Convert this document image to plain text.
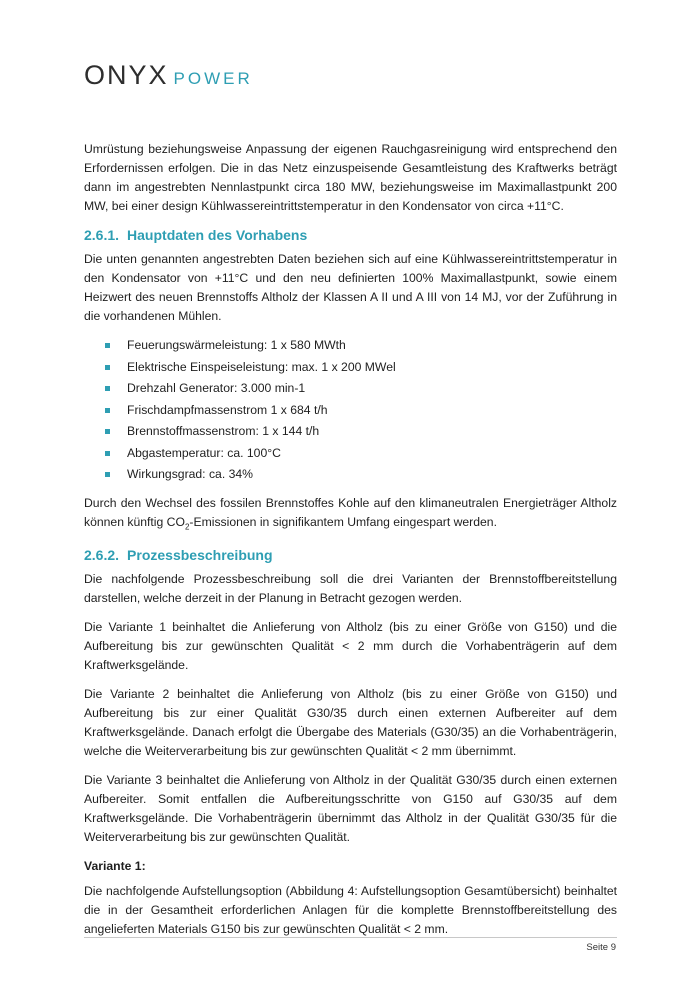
ONYX POWER

Umrüstung beziehungsweise Anpassung der eigenen Rauchgasreinigung wird entsprechend den Erfordernissen erfolgen. Die in das Netz einzuspeisende Gesamtleistung des Kraftwerks beträgt dann im angestrebten Nennlastpunkt circa 180 MW, beziehungsweise im Maximallastpunkt 200 MW, bei einer design Kühlwassereintrittstemperatur in den Kondensator von circa +11°C.

2.6.1. Hauptdaten des Vorhabens

Die unten genannten angestrebten Daten beziehen sich auf eine Kühlwassereintrittstemperatur in den Kondensator von +11°C und den neu definierten 100% Maximallastpunkt, sowie einem Heizwert des neuen Brennstoffs Altholz der Klassen A II und A III von 14 MJ, vor der Zuführung in die vorhandenen Mühlen.

Feuerungswärmeleistung: 1 x 580 MWth
Elektrische Einspeiseleistung: max. 1 x 200 MWel
Drehzahl Generator: 3.000 min-1
Frischdampfmassenstrom 1 x 684 t/h
Brennstoffmassenstrom: 1 x 144 t/h
Abgastemperatur: ca. 100°C
Wirkungsgrad: ca. 34%

Durch den Wechsel des fossilen Brennstoffes Kohle auf den klimaneutralen Energieträger Altholz können künftig $CO_2$-Emissionen in signifikantem Umfang eingespart werden.

2.6.2. Prozessbeschreibung

Die nachfolgende Prozessbeschreibung soll die drei Varianten der Brennstoffbereitstellung darstellen, welche derzeit in der Planung in Betracht gezogen werden.

Die Variante 1 beinhaltet die Anlieferung von Altholz (bis zu einer Größe von G150) und die Aufbereitung bis zur gewünschten Qualität < 2 mm durch die Vorhabenträgerin auf dem Kraftwerksgelände.

Die Variante 2 beinhaltet die Anlieferung von Altholz (bis zu einer Größe von G150) und Aufbereitung bis zur einer Qualität G30/35 durch einen externen Aufbereiter auf dem Kraftwerksgelände. Danach erfolgt die Übergabe des Materials (G30/35) an die Vorhabenträgerin, welche die Weiterverarbeitung bis zur gewünschten Qualität < 2 mm übernimmt.

Die Variante 3 beinhaltet die Anlieferung von Altholz in der Qualität G30/35 durch einen externen Aufbereiter. Somit entfallen die Aufbereitungsschritte von G150 auf G30/35 auf dem Kraftwerksgelände. Die Vorhabenträgerin übernimmt das Altholz in der Qualität G30/35 für die Weiterverarbeitung bis zur gewünschten Qualität.

Variante 1:

Die nachfolgende Aufstellungsoption (Abbildung 4: Aufstellungsoption Gesamtübersicht) beinhaltet die in der Gesamtheit erforderlichen Anlagen für die komplette Brennstoffbereitstellung des angelieferten Materials G150 bis zur gewünschten Qualität < 2 mm.

Seite 9
